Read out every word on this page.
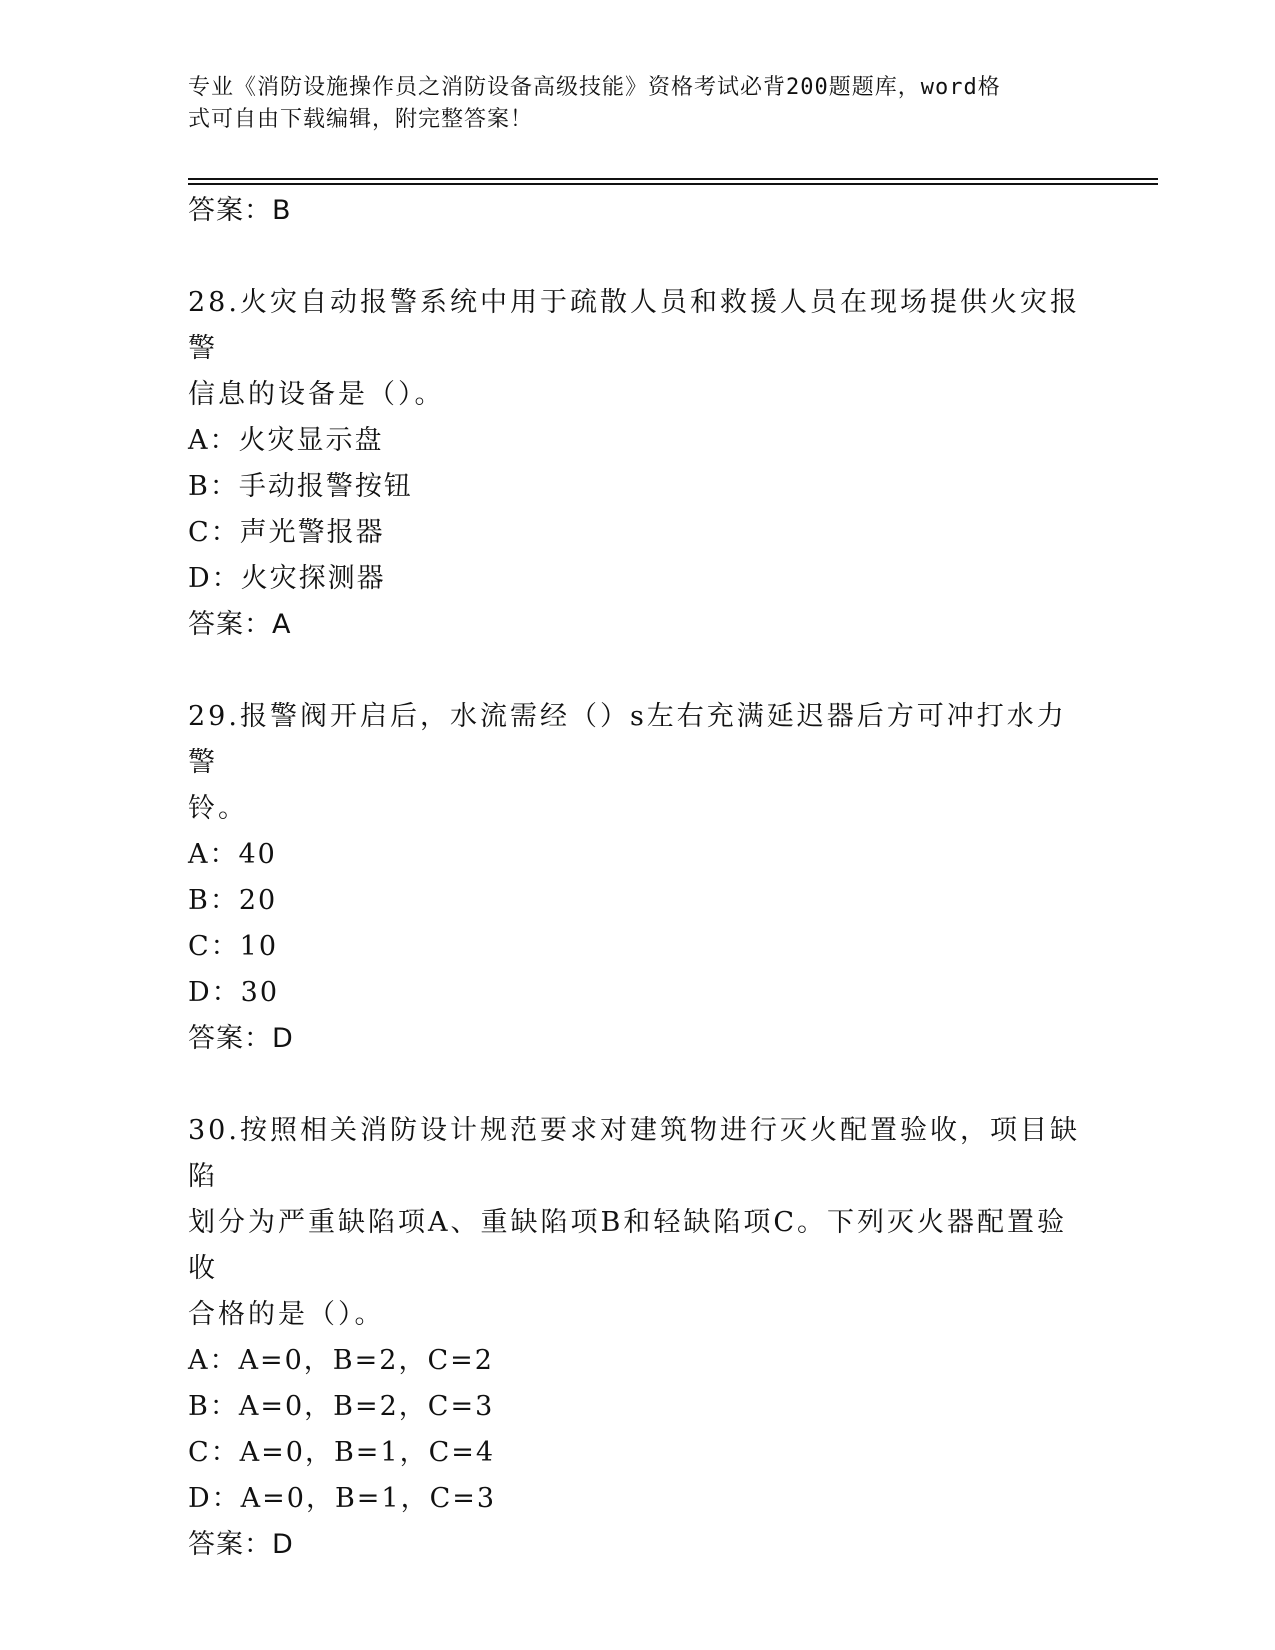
专业《消防设施操作员之消防设备高级技能》资格考试必背200题题库，word格
式可自由下载编辑，附完整答案！
答案：B
28.火灾自动报警系统中用于疏散人员和救援人员在现场提供火灾报警
信息的设备是（）。
A：火灾显示盘
B：手动报警按钮
C：声光警报器
D：火灾探测器
答案：A
29.报警阀开启后，水流需经（）s左右充满延迟器后方可冲打水力警
铃。
A：40
B：20
C：10
D：30
答案：D
30.按照相关消防设计规范要求对建筑物进行灭火配置验收，项目缺陷
划分为严重缺陷项A、重缺陷项B和轻缺陷项C。下列灭火器配置验收
合格的是（）。
A：A=0，B=2，C=2
B：A=0，B=2，C=3
C：A=0，B=1，C=4
D：A=0，B=1，C=3
答案：D
